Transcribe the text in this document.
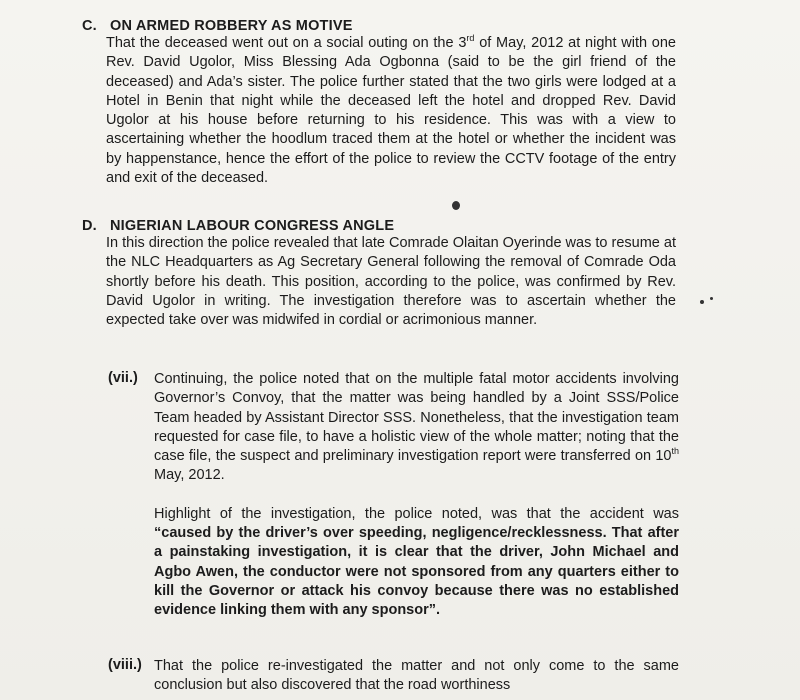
C. ON ARMED ROBBERY AS MOTIVE
That the deceased went out on a social outing on the 3rd of May, 2012 at night with one Rev. David Ugolor, Miss Blessing Ada Ogbonna (said to be the girl friend of the deceased) and Ada’s sister. The police further stated that the two girls were lodged at a Hotel in Benin that night while the deceased left the hotel and dropped Rev. David Ugolor at his house before returning to his residence. This was with a view to ascertaining whether the hoodlum traced them at the hotel or whether the incident was by happenstance, hence the effort of the police to review the CCTV footage of the entry and exit of the deceased.
D. NIGERIAN LABOUR CONGRESS ANGLE
In this direction the police revealed that late Comrade Olaitan Oyerinde was to resume at the NLC Headquarters as Ag Secretary General following the removal of Comrade Oda shortly before his death. This position, according to the police, was confirmed by Rev. David Ugolor in writing. The investigation therefore was to ascertain whether the expected take over was midwifed in cordial or acrimonious manner.
(vii.)	Continuing, the police noted that on the multiple fatal motor accidents involving Governor’s Convoy, that the matter was being handled by a Joint SSS/Police Team headed by Assistant Director SSS. Nonetheless, that the investigation team requested for case file, to have a holistic view of the whole matter; noting that the case file, the suspect and preliminary investigation report were transferred on 10th May, 2012.

Highlight of the investigation, the police noted, was that the accident was “caused by the driver’s over speeding, negligence/recklessness. That after a painstaking investigation, it is clear that the driver, John Michael and Agbo Awen, the conductor were not sponsored from any quarters either to kill the Governor or attack his convoy because there was no established evidence linking them with any sponsor”.

(viii.) That the police re-investigated the matter and not only come to the same conclusion but also discovered that the road worthiness
